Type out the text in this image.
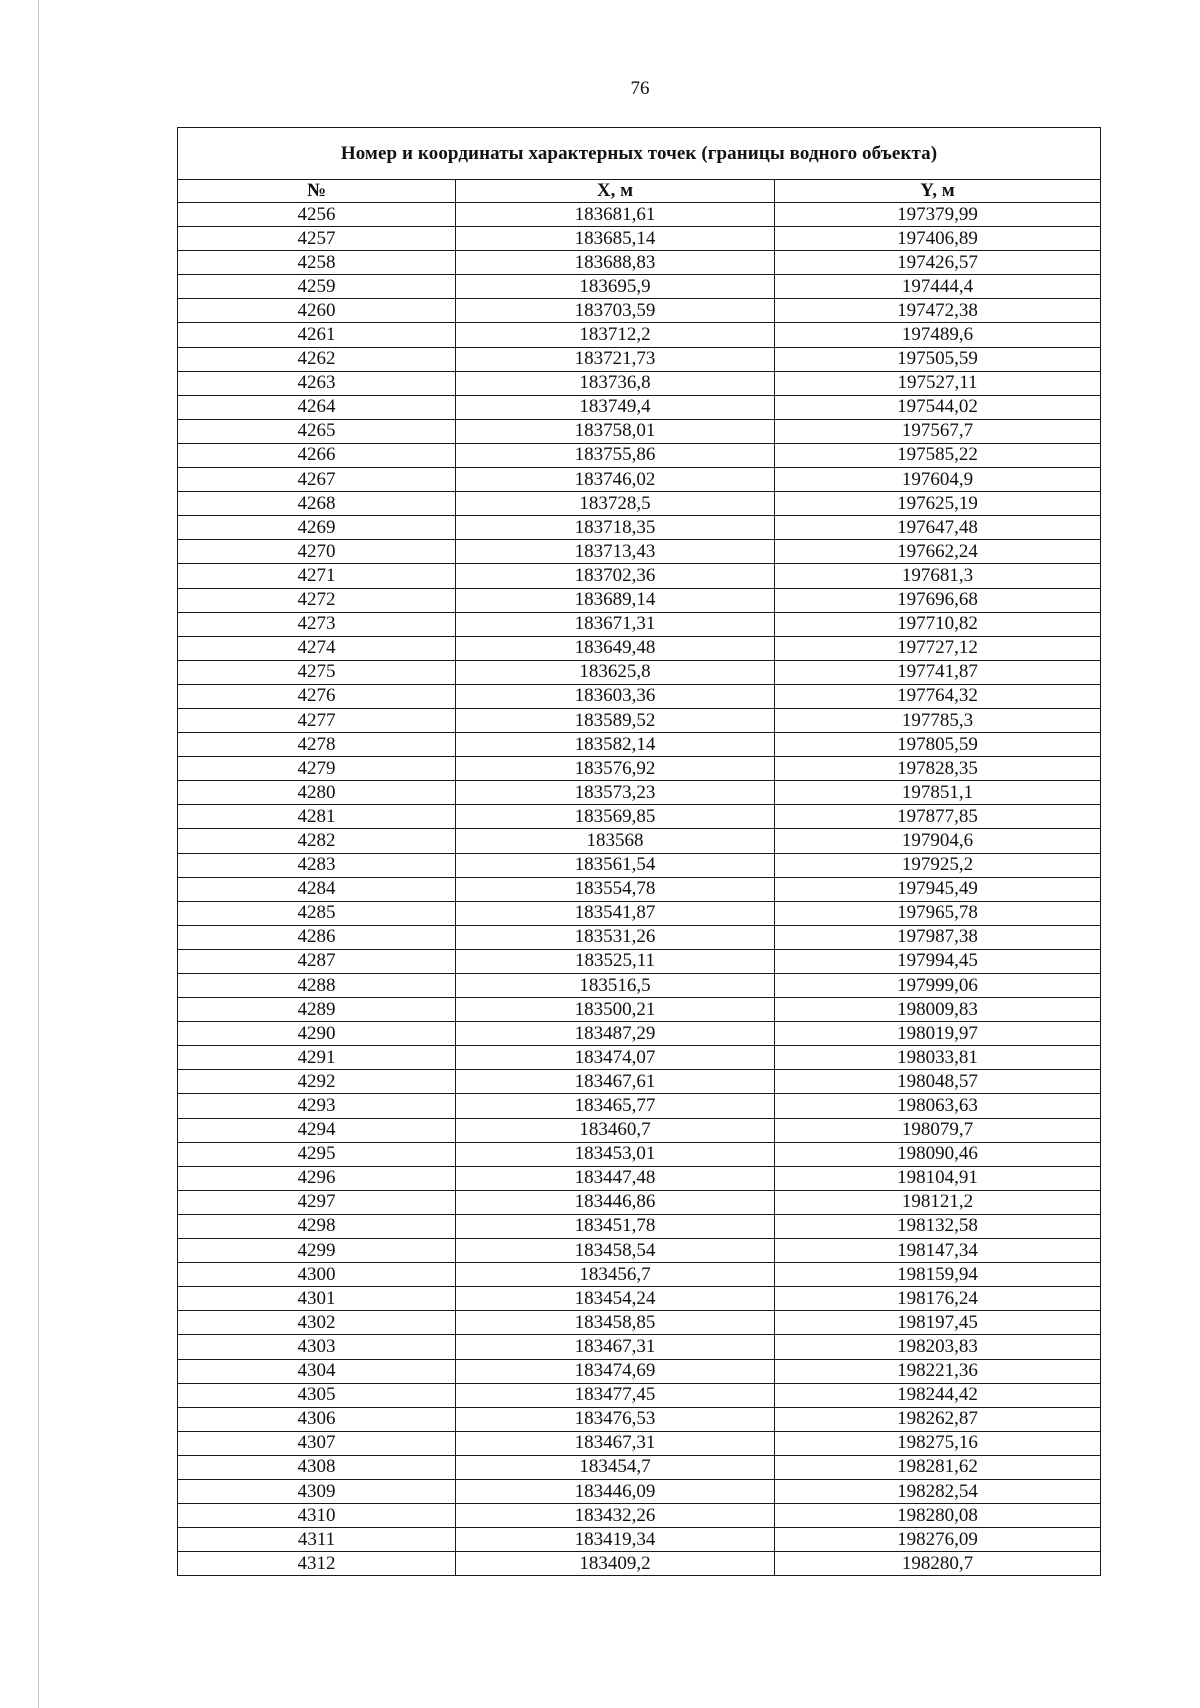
76
Номер и координаты характерных точек (границы водного объекта)		
№	X, м	Y, м
4256	183681,61	197379,99
4257	183685,14	197406,89
4258	183688,83	197426,57
4259	183695,9	197444,4
4260	183703,59	197472,38
4261	183712,2	197489,6
4262	183721,73	197505,59
4263	183736,8	197527,11
4264	183749,4	197544,02
4265	183758,01	197567,7
4266	183755,86	197585,22
4267	183746,02	197604,9
4268	183728,5	197625,19
4269	183718,35	197647,48
4270	183713,43	197662,24
4271	183702,36	197681,3
4272	183689,14	197696,68
4273	183671,31	197710,82
4274	183649,48	197727,12
4275	183625,8	197741,87
4276	183603,36	197764,32
4277	183589,52	197785,3
4278	183582,14	197805,59
4279	183576,92	197828,35
4280	183573,23	197851,1
4281	183569,85	197877,85
4282	183568	197904,6
4283	183561,54	197925,2
4284	183554,78	197945,49
4285	183541,87	197965,78
4286	183531,26	197987,38
4287	183525,11	197994,45
4288	183516,5	197999,06
4289	183500,21	198009,83
4290	183487,29	198019,97
4291	183474,07	198033,81
4292	183467,61	198048,57
4293	183465,77	198063,63
4294	183460,7	198079,7
4295	183453,01	198090,46
4296	183447,48	198104,91
4297	183446,86	198121,2
4298	183451,78	198132,58
4299	183458,54	198147,34
4300	183456,7	198159,94
4301	183454,24	198176,24
4302	183458,85	198197,45
4303	183467,31	198203,83
4304	183474,69	198221,36
4305	183477,45	198244,42
4306	183476,53	198262,87
4307	183467,31	198275,16
4308	183454,7	198281,62
4309	183446,09	198282,54
4310	183432,26	198280,08
4311	183419,34	198276,09
4312	183409,2	198280,7
